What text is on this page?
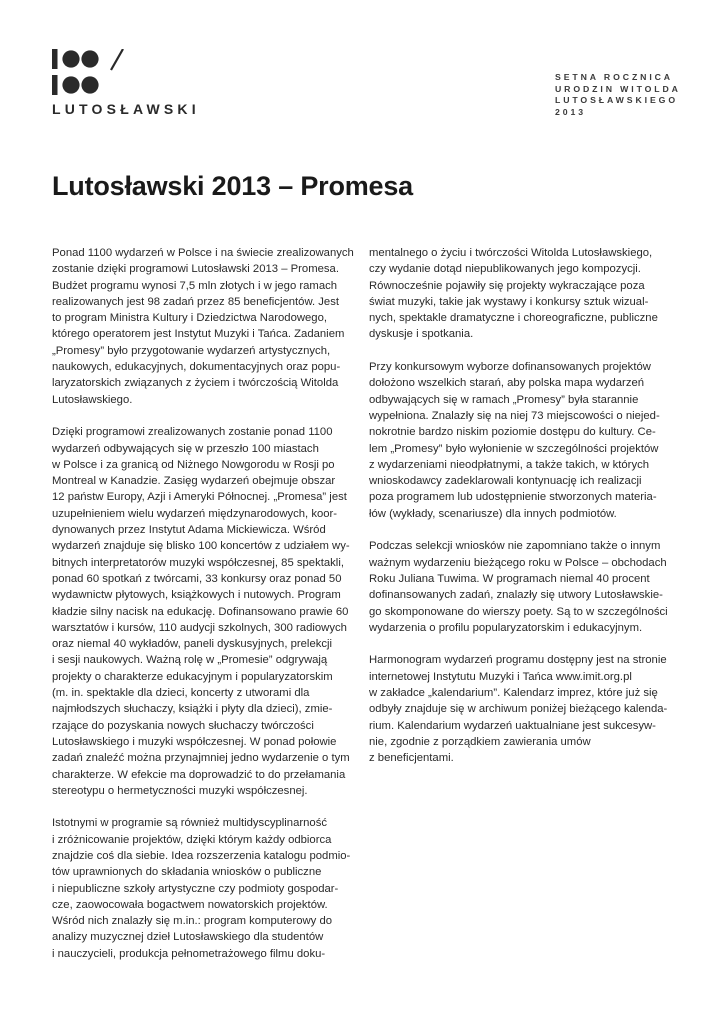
LUTOSŁAWSKI
SETNA ROCZNICA
URODZIN WITOLDA
LUTOSŁAWSKIEGO
2013
Lutosławski 2013 – Promesa

Ponad 1100 wydarzeń w Polsce i na świecie zrealizowanych
zostanie dzięki programowi Lutosławski 2013 – Promesa.
Budżet programu wynosi 7,5 mln złotych i w jego ramach
realizowanych jest 98 zadań przez 85 beneficjentów. Jest
to program Ministra Kultury i Dziedzictwa Narodowego,
którego operatorem jest Instytut Muzyki i Tańca. Zadaniem
„Promesy” było przygotowanie wydarzeń artystycznych,
naukowych, edukacyjnych, dokumentacyjnych oraz popu-
laryzatorskich związanych z życiem i twórczością Witolda
Lutosławskiego.

Dzięki programowi zrealizowanych zostanie ponad 1100
wydarzeń odbywających się w przeszło 100 miastach
w Polsce i za granicą od Niżnego Nowgorodu w Rosji po
Montreal w Kanadzie. Zasięg wydarzeń obejmuje obszar
12 państw Europy, Azji i Ameryki Północnej. „Promesa” jest
uzupełnieniem wielu wydarzeń międzynarodowych, koor-
dynowanych przez Instytut Adama Mickiewicza. Wśród
wydarzeń znajduje się blisko 100 koncertów z udziałem wy-
bitnych interpretatorów muzyki współczesnej, 85 spektakli,
ponad 60 spotkań z twórcami, 33 konkursy oraz ponad 50
wydawnictw płytowych, książkowych i nutowych. Program
kładzie silny nacisk na edukację. Dofinansowano prawie 60
warsztatów i kursów, 110 audycji szkolnych, 300 radiowych
oraz niemal 40 wykładów, paneli dyskusyjnych, prelekcji
i sesji naukowych. Ważną rolę w „Promesie” odgrywają
projekty o charakterze edukacyjnym i popularyzatorskim
(m. in. spektakle dla dzieci, koncerty z utworami dla
najmłodszych słuchaczy, książki i płyty dla dzieci), zmie-
rzające do pozyskania nowych słuchaczy twórczości
Lutosławskiego i muzyki współczesnej. W ponad połowie
zadań znaleźć można przynajmniej jedno wydarzenie o tym
charakterze. W efekcie ma doprowadzić to do przełamania
stereotypu o hermetyczności muzyki współczesnej.

Istotnymi w programie są również multidyscyplinarność
i zróżnicowanie projektów, dzięki którym każdy odbiorca
znajdzie coś dla siebie. Idea rozszerzenia katalogu podmio-
tów uprawnionych do składania wniosków o publiczne
i niepubliczne szkoły artystyczne czy podmioty gospodar-
cze, zaowocowała bogactwem nowatorskich projektów.
Wśród nich znalazły się m.in.: program komputerowy do
analizy muzycznej dzieł Lutosławskiego dla studentów
i nauczycieli, produkcja pełnometrażowego filmu doku-

mentalnego o życiu i twórczości Witolda Lutosławskiego,
czy wydanie dotąd niepublikowanych jego kompozycji.
Równocześnie pojawiły się projekty wykraczające poza
świat muzyki, takie jak wystawy i konkursy sztuk wizual-
nych, spektakle dramatyczne i choreograficzne, publiczne
dyskusje i spotkania.

Przy konkursowym wyborze dofinansowanych projektów
dołożono wszelkich starań, aby polska mapa wydarzeń
odbywających się w ramach „Promesy” była starannie
wypełniona. Znalazły się na niej 73 miejscowości o niejed-
nokrotnie bardzo niskim poziomie dostępu do kultury. Ce-
lem „Promesy” było wyłonienie w szczególności projektów
z wydarzeniami nieodpłatnymi, a także takich, w których
wnioskodawcy zadeklarowali kontynuację ich realizacji
poza programem lub udostępnienie stworzonych materia-
łów (wykłady, scenariusze) dla innych podmiotów.

Podczas selekcji wniosków nie zapomniano także o innym
ważnym wydarzeniu bieżącego roku w Polsce – obchodach
Roku Juliana Tuwima. W programach niemal 40 procent
dofinansowanych zadań, znalazły się utwory Lutosławskie-
go skomponowane do wierszy poety. Są to w szczególności
wydarzenia o profilu popularyzatorskim i edukacyjnym.

Harmonogram wydarzeń programu dostępny jest na stronie
internetowej Instytutu Muzyki i Tańca www.imit.org.pl
w zakładce „kalendarium”. Kalendarz imprez, które już się
odbyły znajduje się w archiwum poniżej bieżącego kalenda-
rium. Kalendarium wydarzeń uaktualniane jest sukcesyw-
nie, zgodnie z porządkiem zawierania umów
z beneficjentami.
